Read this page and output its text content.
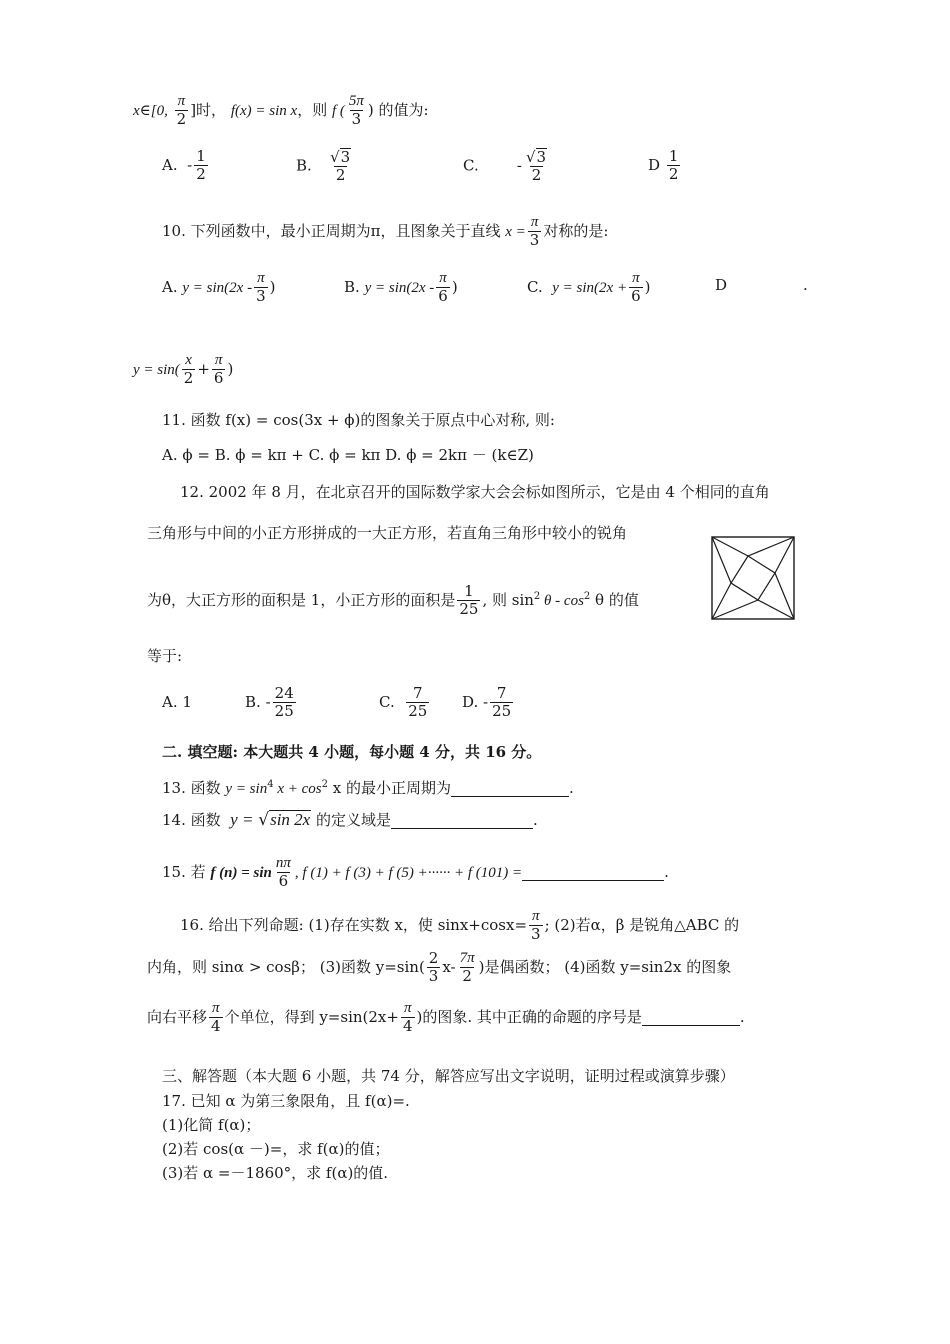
x∈[0, $\frac{\pi}{2}$ ]时， f(x) = sin x，则 f ( $\frac{5\pi}{3}$ ) 的值为:
A. - $\frac{1}{2}$	B. $\frac{√3}{2}$	C.	- $\frac{√3}{2}$	D $\frac{1}{2}$
10. 下列函数中，最小正周期为π，且图象关于直线 $x = \frac{\pi}{3}$ 对称的是:
A. $y = \sin(2x - \frac{\pi}{3}$ )	B. $y = \sin(2x - \frac{\pi}{6}$ )	C. $y = \sin(2x + \frac{\pi}{6}$ )	D	.
$y = \sin( \frac{x}{2} + \frac{\pi}{6}$ )
11. 函数 f(x) = cos(3x + ϕ)的图象关于原点中心对称, 则:
A. ϕ = B. ϕ = kπ + C. ϕ = kπ D. ϕ = 2kπ － (k∈Z)
12. 2002 年 8 月，在北京召开的国际数学家大会会标如图所示，它是由 4 个相同的直角
三角形与中间的小正方形拼成的一大正方形，若直角三角形中较小的锐角
为θ，大正方形的面积是 1，小正方形的面积是 $\frac{1}{25}$ , 则 $\sin^2 \theta - \cos^2 \theta$ 的值
等于:
A. 1	B. - $\frac{24}{25}$	C. $\frac{7}{25} D$. - $\frac{7}{25}$
二. 填空题: 本大题共 4 小题，每小题 4 分，共 16 分。
13. 函数 $y = \sin^4 x + \cos^2 x$ 的最小正周期为	.
14. 函数 y = √sin 2x 的定义域是	.
15. 若 f $(n) = \sin \frac{n\pi}{6}$ , f (1) + f (3) + f (5) +······ + f (101) =	.
16. 给出下列命题: (1)存在实数 x，使 $\sin x+\cos x= \frac{\pi}{3}$ ; (2)若α，β 是锐角△ABC 的
内角，则 sinα > cosβ； (3)函数 $y=\sin( \frac{2}{3} x- \frac{7\pi}{2}$ )是偶函数； (4)函数 y=sin2x 的图象
向右平移 $\frac{\pi}{4}$ 个单位，得到 $y=\sin(2x+ \frac{\pi}{4}$ )的图象. 其中正确的命题的序号是	.
三、解答题（本大题 6 小题，共 74 分，解答应写出文字说明，证明过程或演算步骤）
17. 已知 α 为第三象限角，且 f(α)=.
(1)化简 f(α)；
(2)若 cos(α －)=，求 f(α)的值；
(3)若 α =－1860°，求 f(α)的值.
